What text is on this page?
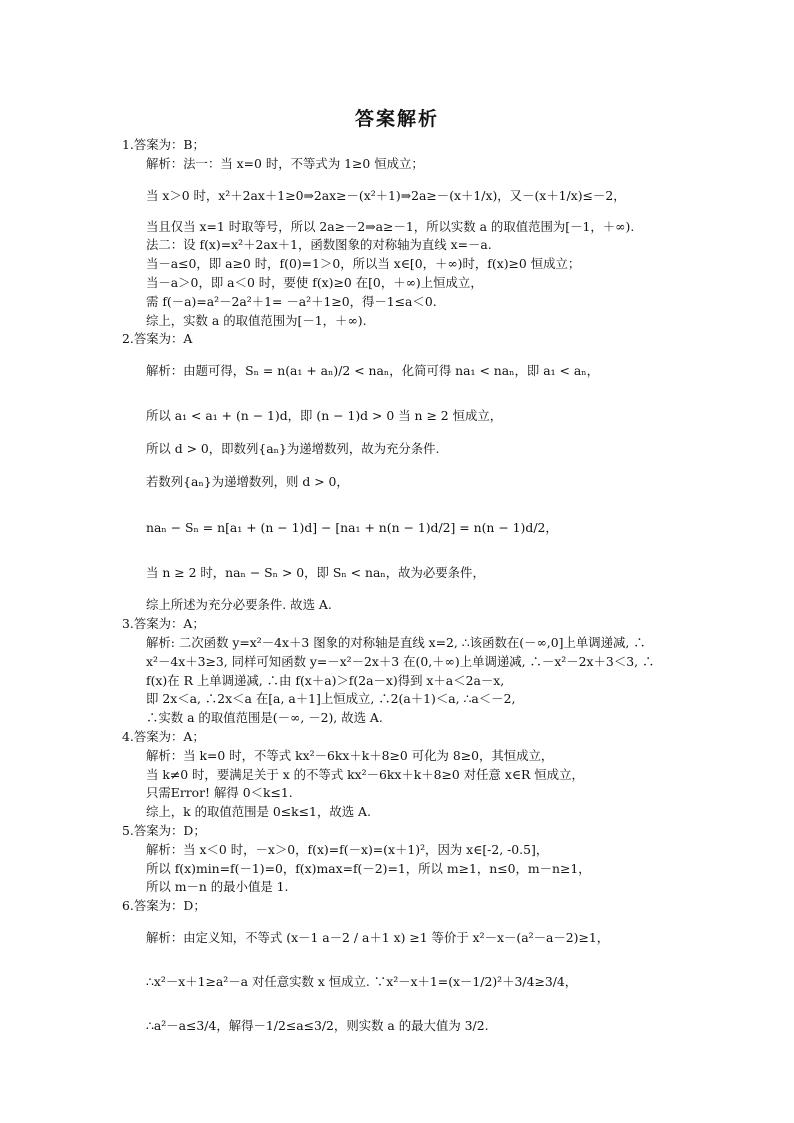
答案解析
1.答案为：B；
解析：法一：当 x=0 时，不等式为 1≥0 恒成立；
当 x＞0 时，x²＋2ax＋1≥0⇒2ax≥－(x²＋1)⇒2a≥－(x＋1/x)，又－(x＋1/x)≤－2，
当且仅当 x=1 时取等号，所以 2a≥－2⇒a≥－1，所以实数 a 的取值范围为[－1，＋∞).
法二：设 f(x)=x²＋2ax＋1，函数图象的对称轴为直线 x=－a.
当－a≤0，即 a≥0 时，f(0)=1＞0，所以当 x∈[0，＋∞)时，f(x)≥0 恒成立；
当－a＞0，即 a＜0 时，要使 f(x)≥0 在[0，＋∞)上恒成立，
需 f(－a)=a²－2a²＋1= －a²＋1≥0，得－1≤a＜0.
综上，实数 a 的取值范围为[－1，＋∞).
2.答案为：A
解析：由题可得，Sₙ = n(a₁ + aₙ)/2 < naₙ，化简可得 na₁ < naₙ，即 a₁ < aₙ，
所以 a₁ < a₁ + (n − 1)d，即 (n − 1)d > 0 当 n ≥ 2 恒成立，
所以 d > 0，即数列{aₙ}为递增数列，故为充分条件.
若数列{aₙ}为递增数列，则 d > 0，
naₙ − Sₙ = n[a₁ + (n − 1)d] − [na₁ + n(n − 1)d/2] = n(n − 1)d/2，
当 n ≥ 2 时，naₙ − Sₙ > 0，即 Sₙ < naₙ，故为必要条件，
综上所述为充分必要条件. 故选 A.
3.答案为：A；
解析: 二次函数 y=x²－4x＋3 图象的对称轴是直线 x=2, ∴该函数在(－∞,0]上单调递减, ∴
x²－4x＋3≥3, 同样可知函数 y=－x²－2x＋3 在(0,＋∞)上单调递减, ∴－x²－2x＋3＜3, ∴
f(x)在 R 上单调递减, ∴由 f(x＋a)＞f(2a－x)得到 x＋a＜2a－x,
即 2x＜a, ∴2x＜a 在[a, a＋1]上恒成立, ∴2(a＋1)＜a, ∴a＜－2,
∴实数 a 的取值范围是(－∞, －2), 故选 A.
4.答案为：A；
解析：当 k=0 时，不等式 kx²－6kx＋k＋8≥0 可化为 8≥0，其恒成立，
当 k≠0 时，要满足关于 x 的不等式 kx²－6kx＋k＋8≥0 对任意 x∈R 恒成立，
只需Error! 解得 0＜k≤1.
综上，k 的取值范围是 0≤k≤1，故选 A.
5.答案为：D；
解析：当 x＜0 时，－x＞0，f(x)=f(－x)=(x＋1)²，因为 x∈[-2, -0.5]，
所以 f(x)min=f(－1)=0，f(x)max=f(－2)=1，所以 m≥1，n≤0，m－n≥1，
所以 m－n 的最小值是 1.
6.答案为：D；
解析：由定义知，不等式 (x－1 a－2 / a＋1 x) ≥1 等价于 x²－x－(a²－a－2)≥1，
∴x²－x＋1≥a²－a 对任意实数 x 恒成立. ∵x²－x＋1=(x－1/2)²＋3/4≥3/4，
∴a²－a≤3/4，解得－1/2≤a≤3/2，则实数 a 的最大值为 3/2.
